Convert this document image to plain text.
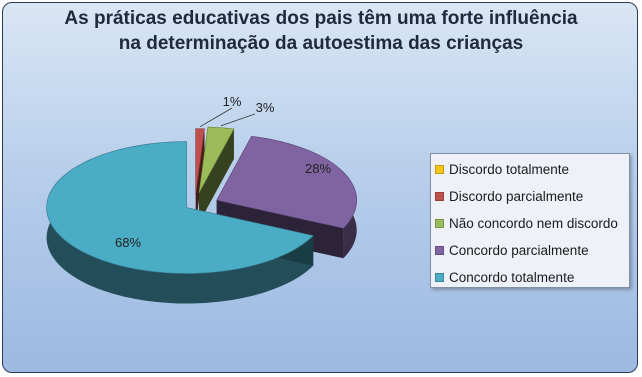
As práticas educativas dos pais têm uma forte influência
na determinação da autoestima das crianças
1% 3%
28%
68%
Discordo totalmente
Discordo parcialmente
Não concordo nem discordo
Concordo parcialmente
Concordo totalmente
